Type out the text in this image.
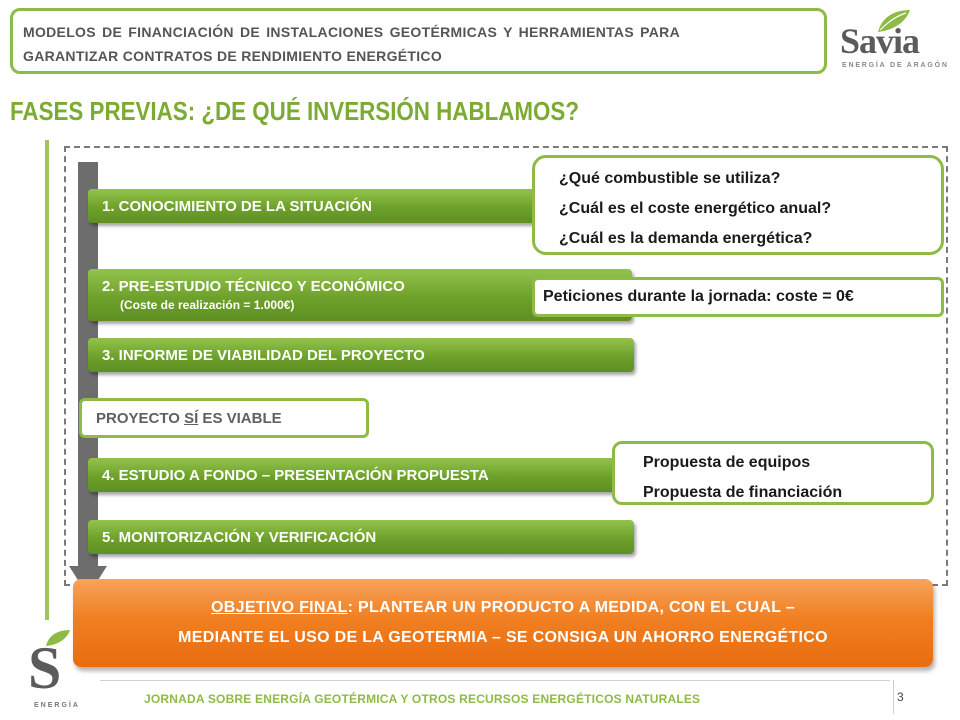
MODELOS DE FINANCIACIÓN DE INSTALACIONES GEOTÉRMICAS Y HERRAMIENTAS PARA
GARANTIZAR CONTRATOS DE RENDIMIENTO ENERGÉTICO	Savia
ENERGÍA DE ARAGÓN
FASES PREVIAS: ¿DE QUÉ INVERSIÓN HABLAMOS?
1. CONOCIMIENTO DE LA SITUACIÓN
2. PRE-ESTUDIO TÉCNICO Y ECONÓMICO
(Coste de realización = 1.000€)
3. INFORME DE VIABILIDAD DEL PROYECTO
PROYECTO SÍ ES VIABLE
4. ESTUDIO A FONDO – PRESENTACIÓN PROPUESTA
5. MONITORIZACIÓN Y VERIFICACIÓN
¿Qué combustible se utiliza?
¿Cuál es el coste energético anual?
¿Cuál es la demanda energética?
Peticiones durante la jornada: coste = 0€
Propuesta de equipos
Propuesta de financiación
OBJETIVO FINAL: PLANTEAR UN PRODUCTO A MEDIDA, CON EL CUAL –
MEDIANTE EL USO DE LA GEOTERMIA – SE CONSIGA UN AHORRO ENERGÉTICO
S
ENERGÍA	JORNADA SOBRE ENERGÍA GEOTÉRMICA Y OTROS RECURSOS ENERGÉTICOS NATURALES	3
